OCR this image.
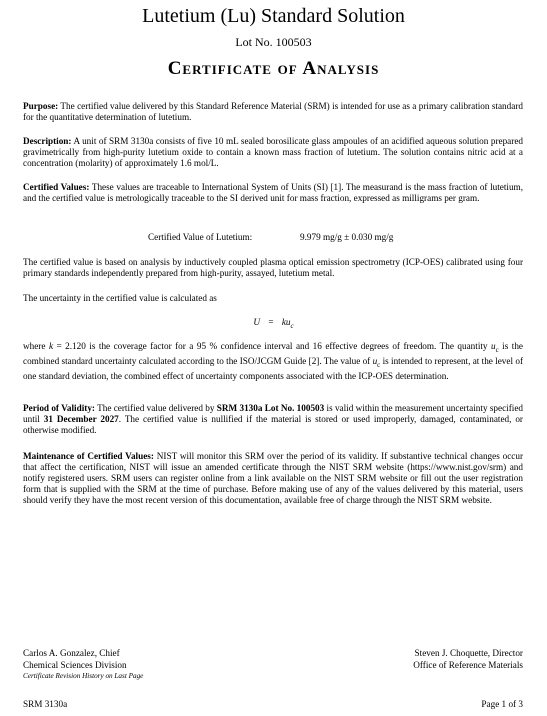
Lutetium (Lu) Standard Solution
Lot No. 100503
Certificate of Analysis
Purpose: The certified value delivered by this Standard Reference Material (SRM) is intended for use as a primary calibration standard for the quantitative determination of lutetium.
Description: A unit of SRM 3130a consists of five 10 mL sealed borosilicate glass ampoules of an acidified aqueous solution prepared gravimetrically from high-purity lutetium oxide to contain a known mass fraction of lutetium. The solution contains nitric acid at a concentration (molarity) of approximately 1.6 mol/L.
Certified Values: These values are traceable to International System of Units (SI) [1]. The measurand is the mass fraction of lutetium, and the certified value is metrologically traceable to the SI derived unit for mass fraction, expressed as milligrams per gram.
Certified Value of Lutetium:	9.979 mg/g ± 0.030 mg/g
The certified value is based on analysis by inductively coupled plasma optical emission spectrometry (ICP-OES) calibrated using four primary standards independently prepared from high-purity, assayed, lutetium metal.
The uncertainty in the certified value is calculated as
$U = ku_c$
where k = 2.120 is the coverage factor for a 95 % confidence interval and 16 effective degrees of freedom. The quantity $u_c$ is the combined standard uncertainty calculated according to the ISO/JCGM Guide [2]. The value of $u_c$ is intended to represent, at the level of one standard deviation, the combined effect of uncertainty components associated with the ICP-OES determination.
Period of Validity: The certified value delivered by SRM 3130a Lot No. 100503 is valid within the measurement uncertainty specified until 31 December 2027. The certified value is nullified if the material is stored or used improperly, damaged, contaminated, or otherwise modified.
Maintenance of Certified Values: NIST will monitor this SRM over the period of its validity. If substantive technical changes occur that affect the certification, NIST will issue an amended certificate through the NIST SRM website (https://www.nist.gov/srm) and notify registered users. SRM users can register online from a link available on the NIST SRM website or fill out the user registration form that is supplied with the SRM at the time of purchase. Before making use of any of the values delivered by this material, users should verify they have the most recent version of this documentation, available free of charge through the NIST SRM website.
Carlos A. Gonzalez, Chief
Chemical Sciences Division
Certificate Revision History on Last Page
Steven J. Choquette, Director
Office of Reference Materials
SRM 3130a	Page 1 of 3
